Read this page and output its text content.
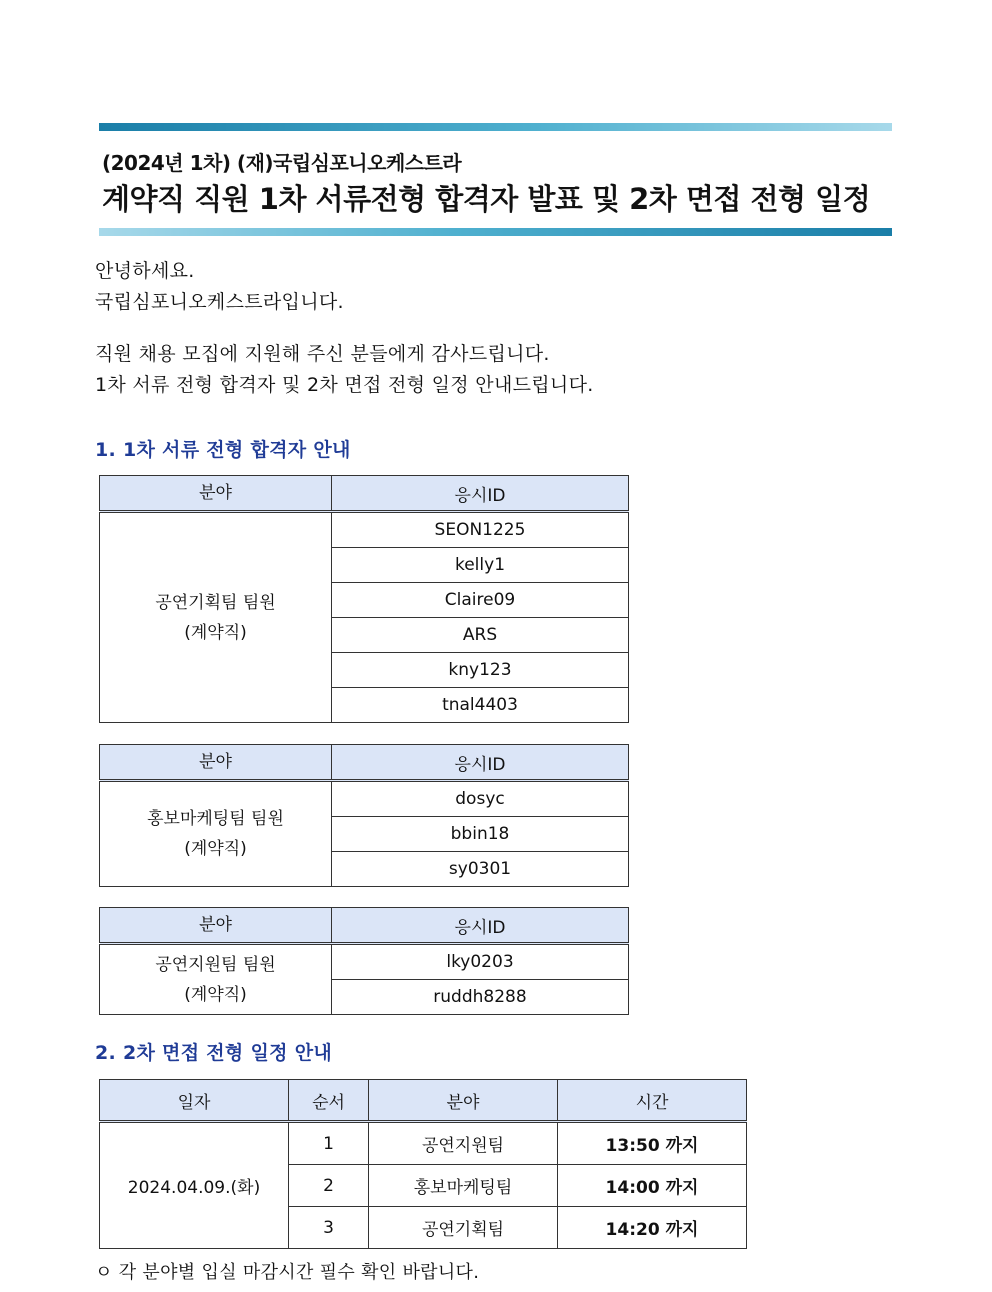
(2024년 1차) (재)국립심포니오케스트라
계약직 직원 1차 서류전형 합격자 발표 및 2차 면접 전형 일정
안녕하세요.
국립심포니오케스트라입니다.
직원 채용 모집에 지원해 주신 분들에게 감사드립니다.
1차 서류 전형 합격자 및 2차 면접 전형 일정 안내드립니다.
1. 1차 서류 전형 합격자 안내
분야	응시ID

공연기획팀 팀원
(계약직)	SEON1225
	kelly1
	Claire09
	ARS
	kny123
	tnal4403
분야	응시ID

홍보마케팅팀 팀원
(계약직)	dosyc
	bbin18
	sy0301
분야	응시ID

공연지원팀 팀원
(계약직)	lky0203
	ruddh8288
2. 2차 면접 전형 일정 안내
일자	순서	분야	시간
2024.04.09.(화)	1	공연지원팀	13:50 까지
	2	홍보마케팅팀	14:00 까지
	3	공연기획팀	14:20 까지
ㅇ 각 분야별 입실 마감시간 필수 확인 바랍니다.
